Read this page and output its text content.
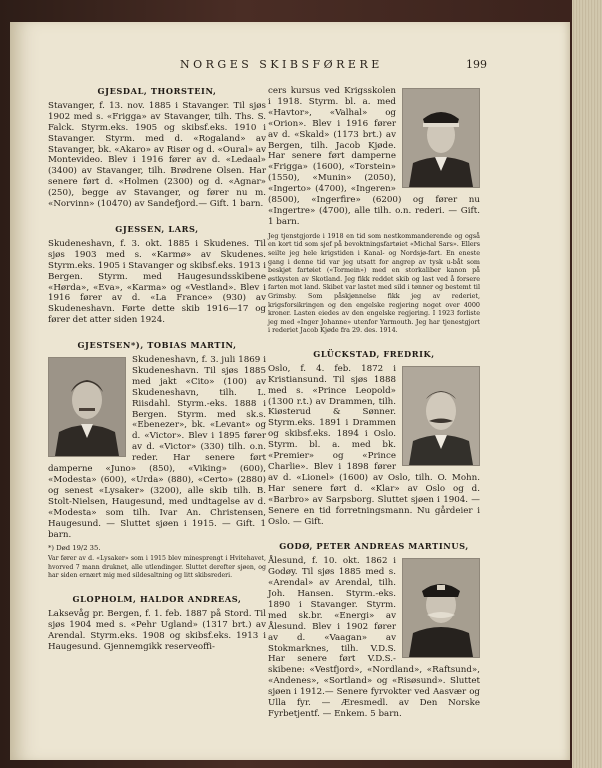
NORGES SKIBSFØRERE	199
GJESDAL, THORSTEIN,

Stavanger, f. 13. nov. 1885 i Stavanger. Til sjøs 1902 med s. «Frigga» av Stavanger, tilh. Ths. S. Falck. Styrm.eks. 1905 og skibsf.eks. 1910 i Stavanger. Styrm. med d. «Rogaland» av Stavanger, bk. «Akaro» av Risør og d. «Oural» av Montevideo. Blev i 1916 fører av d. «Ledaal» (3400) av Stavanger, tilh. Brødrene Olsen. Har senere ført d. «Holmen (2300) og d. «Agnar» (250), begge av Stavanger, og fører nu m. «Norvinn» (10470) av Sandefjord.— Gift. 1 barn.

GJESSEN, LARS,

Skudeneshavn, f. 3. okt. 1885 i Skudenes. Til sjøs 1903 med s. «Karmø» av Skudenes. Styrm.eks. 1905 i Stavanger og skibsf.eks. 1913 i Bergen. Styrm. med Haugesundsskibene «Hørda», «Eva», «Karma» og «Vestland». Blev i 1916 fører av d. «La France» (930) av Skudeneshavn. Førte dette skib 1916—17 og fører det atter siden 1924.

GJESTSEN*), TOBIAS MARTIN,

Skudeneshavn, f. 3. juli 1869 i Skudeneshavn. Til sjøs 1885 med jakt «Cito» (100) av Skudeneshavn, tilh. L. Riisdahl. Styrm.-eks. 1888 i Bergen. Styrm. med sk.s. «Ebenezer», bk. «Levant» og d. «Victor». Blev i 1895 fører av d. «Victor» (330) tilh. o.n. reder. Har senere ført damperne «Juno» (850), «Viking» (600), «Modesta» (600), «Urda» (880), «Certo» (2880) og senest «Lysaker» (3200), alle skib tilh. B. Stolt-Nielsen, Haugesund, med undtagelse av d. «Modesta» som tilh. Ivar An. Christensen, Haugesund. — Sluttet sjøen i 1915. — Gift. 1 barn.

*) Død 19/2 35.
Var fører av d. «Lysaker» som i 1915 blev minesprengt i Hvitehavet, hvorved 7 mann druknet, alle utlendinger. Sluttet derefter sjøen, og har siden ernært mig med sildesaltning og litt skibsrederi.
GLOPHOLM, HALDOR ANDREAS,

Laksevåg pr. Bergen, f. 1. feb. 1887 på Stord. Til sjøs 1904 med s. «Pehr Ugland» (1317 brt.) av Arendal. Styrm.eks. 1908 og skibsf.eks. 1913 i Haugesund. Gjennemgikk reserveoffi-

cers kursus ved Krigsskolen i 1918. Styrm. bl. a. med «Havtor», «Valhal» og «Orion». Blev i 1916 fører av d. «Skald» (1173 brt.) av Bergen, tilh. Jacob Kjøde. Har senere ført damperne «Frigga» (1600), «Torstein» (1550), «Munin» (2050), «Ingerto» (4700), «Ingeren» (8500), «Ingerfire» (6200) og fører nu «Ingertre» (4700), alle tilh. o.n. rederi. — Gift. 1 barn.

Jeg tjenstgjorde i 1918 en tid som nestkommanderende og også en kort tid som sjef på bevoktningsfartøiet «Michal Sars». Ellers seilte jeg hele krigstiden i Kanal- og Nordsjø-fart. En eneste gang i denne tid var jeg utsatt for angrep av tysk u-båt som beskjøt fartøiet («Tormein») med en storkaliber kanon på østkysten av Skotland. Jeg fikk reddet skib og last ved å forsere farten mot land. Skibet var lastet med sild i tønner og bestemt til Grimsby. Som påskjønnelse fikk jeg av rederiet, krigsforsikringen og den engelske regjering noget over 4000 kroner. Lasten eiedes av den engelske regjering. I 1923 forliste jeg med «Inger Johanne» utenfor Yarmouth. Jeg har tjenestgjort i rederiet Jacob Kjøde fra 29. des. 1914.
GLÜCKSTAD, FREDRIK,

Oslo, f. 4. feb. 1872 i Kristiansund. Til sjøs 1888 med s. «Prince Leopold» (1300 r.t.) av Drammen, tilh. Kiøsterud & Sønner. Styrm.eks. 1891 i Drammen og skibsf.eks. 1894 i Oslo. Styrm. bl. a. med bk. «Premier» og «Prince Charlie». Blev i 1898 fører av d. «Lionel» (1600) av Oslo, tilh. O. Mohn. Har senere ført d. «Klar» av Oslo og d. «Barbro» av Sarpsborg. Sluttet sjøen i 1904. — Senere en tid forretningsmann. Nu gårdeier i Oslo. — Gift.

GODØ, PETER ANDREAS MARTINUS,

Ålesund, f. 10. okt. 1862 i Godøy. Til sjøs 1885 med s. «Arendal» av Arendal, tilh. Joh. Hansen. Styrm.-eks. 1890 i Stavanger. Styrm. med sk.br. «Energi» av Ålesund. Blev i 1902 fører av d. «Vaagan» av Stokmarknes, tilh. V.D.S. Har senere ført V.D.S.-skibene: «Vestfjord», «Nordland», «Raftsund», «Andenes», «Sortland» og «Risøsund». Sluttet sjøen i 1912.— Senere fyrvokter ved Aasvær og Ulla fyr. — Æresmedl. av Den Norske Fyrbetjentf. — Enkem. 5 barn.
